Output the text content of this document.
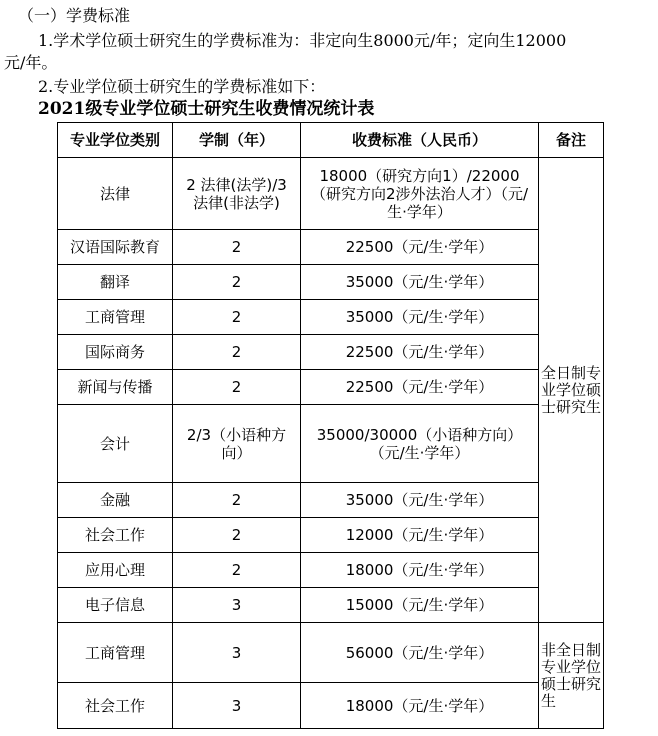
（一）学费标准
1.学术学位硕士研究生的学费标准为：非定向生8000元/年；定向生12000
元/年。
2.专业学位硕士研究生的学费标准如下：
2021级专业学位硕士研究生收费情况统计表
专业学位类别	学制（年）	收费标准（人民币）	备注
法律	2 法律(法学)/3 法律(非法学)	18000（研究方向1）/22000（研究方向2涉外法治人才）（元/生·学年）	全日制专业学位硕士研究生
汉语国际教育	2	22500（元/生·学年）	
翻译	2	35000（元/生·学年）	
工商管理	2	35000（元/生·学年）	
国际商务	2	22500（元/生·学年）	
新闻与传播	2	22500（元/生·学年）	
会计	2/3（小语种方向）	35000/30000（小语种方向）（元/生·学年）	
金融	2	35000（元/生·学年）	
社会工作	2	12000（元/生·学年）	
应用心理	2	18000（元/生·学年）	
电子信息	3	15000（元/生·学年）	
工商管理	3	56000（元/生·学年）	非全日制专业学位硕士研究生
社会工作	3	18000（元/生·学年）	
